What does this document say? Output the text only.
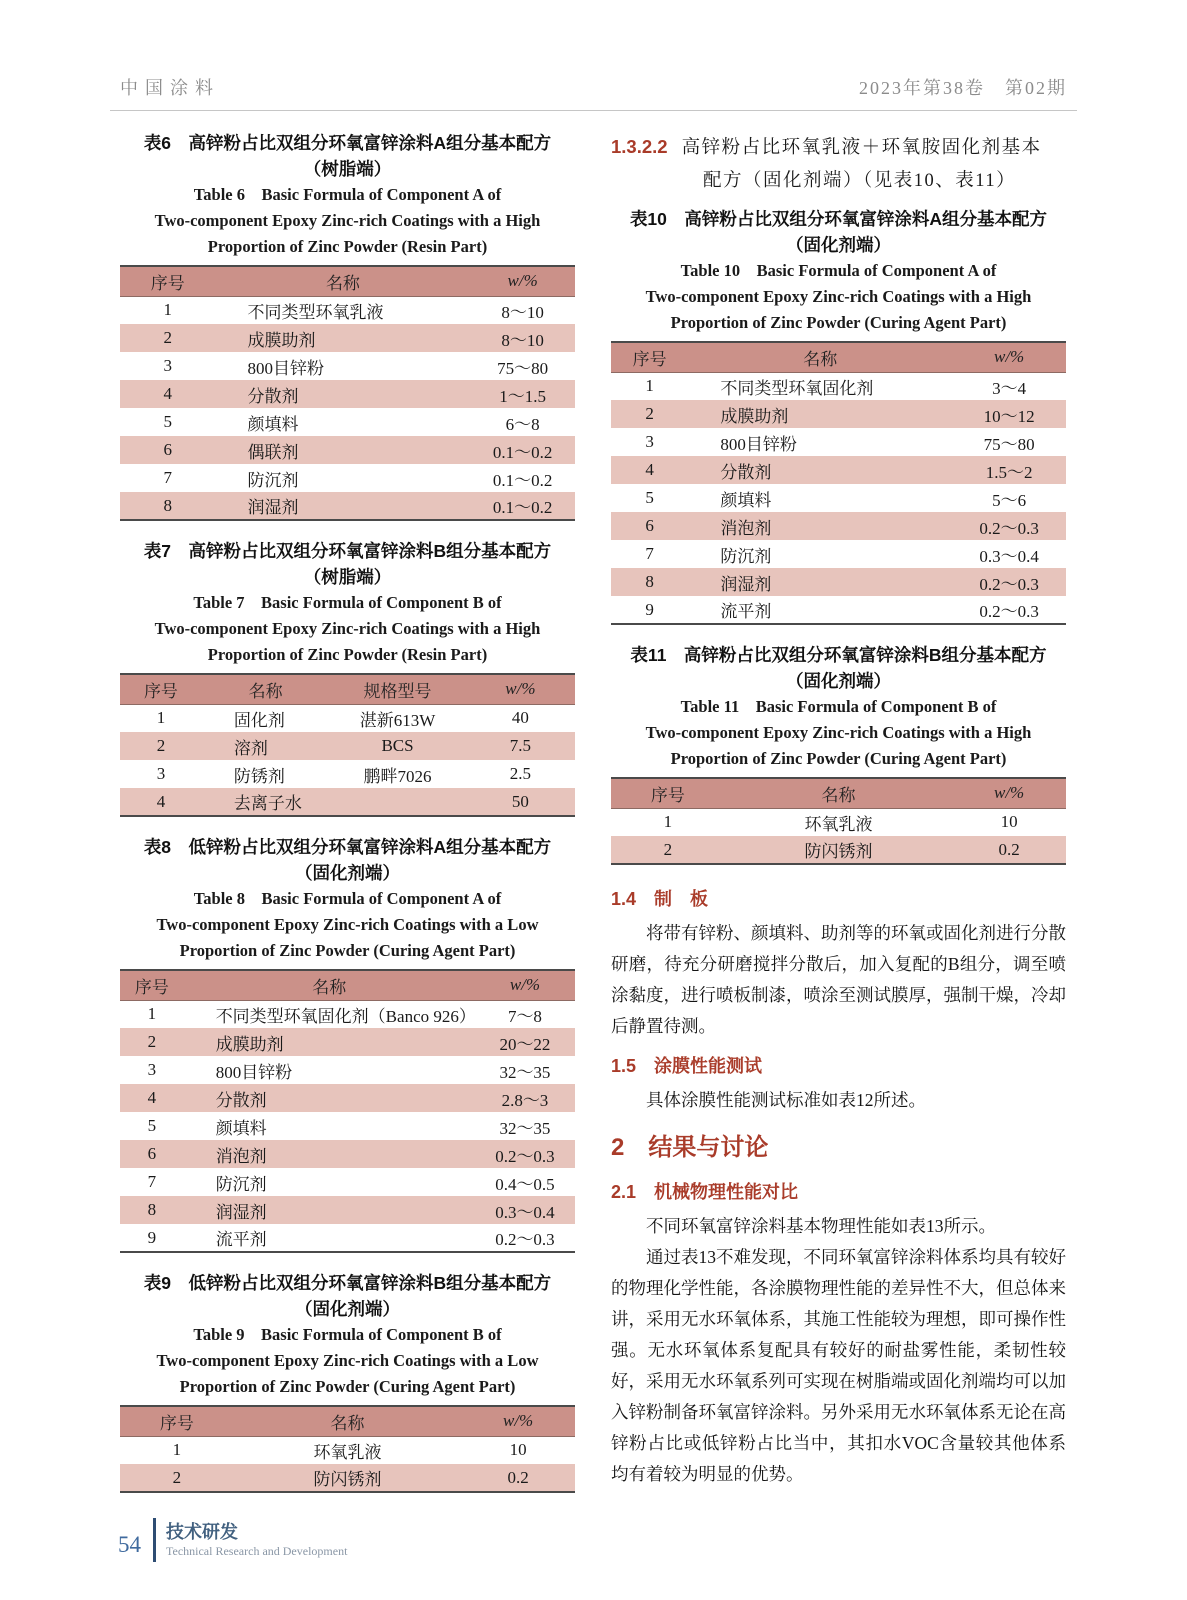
中国涂料	2023年第38卷　第02期
表6　高锌粉占比双组分环氧富锌涂料A组分基本配方
（树脂端）
Table 6　Basic Formula of Component A of
Two-component Epoxy Zinc-rich Coatings with a High
Proportion of Zinc Powder (Resin Part)
序号	名称	w/%
1	不同类型环氧乳液	8～10
2	成膜助剂	8～10
3	800目锌粉	75～80
4	分散剂	1～1.5
5	颜填料	6～8
6	偶联剂	0.1～0.2
7	防沉剂	0.1～0.2
8	润湿剂	0.1～0.2
表7　高锌粉占比双组分环氧富锌涂料B组分基本配方
（树脂端）
Table 7　Basic Formula of Component B of
Two-component Epoxy Zinc-rich Coatings with a High
Proportion of Zinc Powder (Resin Part)
序号	名称	规格型号	w/%
1	固化剂	湛新613W	40
2	溶剂	BCS	7.5
3	防锈剂	鹏畔7026	2.5
4	去离子水		50
表8　低锌粉占比双组分环氧富锌涂料A组分基本配方
（固化剂端）
Table 8　Basic Formula of Component A of
Two-component Epoxy Zinc-rich Coatings with a Low
Proportion of Zinc Powder (Curing Agent Part)
序号	名称	w/%
1	不同类型环氧固化剂（Banco 926）	7～8
2	成膜助剂	20～22
3	800目锌粉	32～35
4	分散剂	2.8～3
5	颜填料	32～35
6	消泡剂	0.2～0.3
7	防沉剂	0.4～0.5
8	润湿剂	0.3～0.4
9	流平剂	0.2～0.3
表9　低锌粉占比双组分环氧富锌涂料B组分基本配方
（固化剂端）
Table 9　Basic Formula of Component B of
Two-component Epoxy Zinc-rich Coatings with a Low
Proportion of Zinc Powder (Curing Agent Part)
序号	名称	w/%
1	环氧乳液	10
2	防闪锈剂	0.2
1.3.2.2 高锌粉占比环氧乳液＋环氧胺固化剂基本
配方（固化剂端）（见表10、表11）
表10　高锌粉占比双组分环氧富锌涂料A组分基本配方
（固化剂端）
Table 10　Basic Formula of Component A of
Two-component Epoxy Zinc-rich Coatings with a High
Proportion of Zinc Powder (Curing Agent Part)
序号	名称	w/%
1	不同类型环氧固化剂	3～4
2	成膜助剂	10～12
3	800目锌粉	75～80
4	分散剂	1.5～2
5	颜填料	5～6
6	消泡剂	0.2～0.3
7	防沉剂	0.3～0.4
8	润湿剂	0.2～0.3
9	流平剂	0.2～0.3
表11　高锌粉占比双组分环氧富锌涂料B组分基本配方
（固化剂端）
Table 11　Basic Formula of Component B of
Two-component Epoxy Zinc-rich Coatings with a High
Proportion of Zinc Powder (Curing Agent Part)
序号	名称	w/%
1	环氧乳液	10
2	防闪锈剂	0.2
1.4　制　板

将带有锌粉、颜填料、助剂等的环氧或固化剂进行分散研磨，待充分研磨搅拌分散后，加入复配的B组分，调至喷涂黏度，进行喷板制漆，喷涂至测试膜厚，强制干燥，冷却后静置待测。

1.5　涂膜性能测试

具体涂膜性能测试标准如表12所述。

2　结果与讨论
2.1　机械物理性能对比

不同环氧富锌涂料基本物理性能如表13所示。

通过表13不难发现，不同环氧富锌涂料体系均具有较好的物理化学性能，各涂膜物理性能的差异性不大，但总体来讲，采用无水环氧体系，其施工性能较为理想，即可操作性强。无水环氧体系复配具有较好的耐盐雾性能，柔韧性较好，采用无水环氧系列可实现在树脂端或固化剂端均可以加入锌粉制备环氧富锌涂料。另外采用无水环氧体系无论在高锌粉占比或低锌粉占比当中，其扣水VOC含量较其他体系均有着较为明显的优势。

54 技术研发
Technical Research and Development
